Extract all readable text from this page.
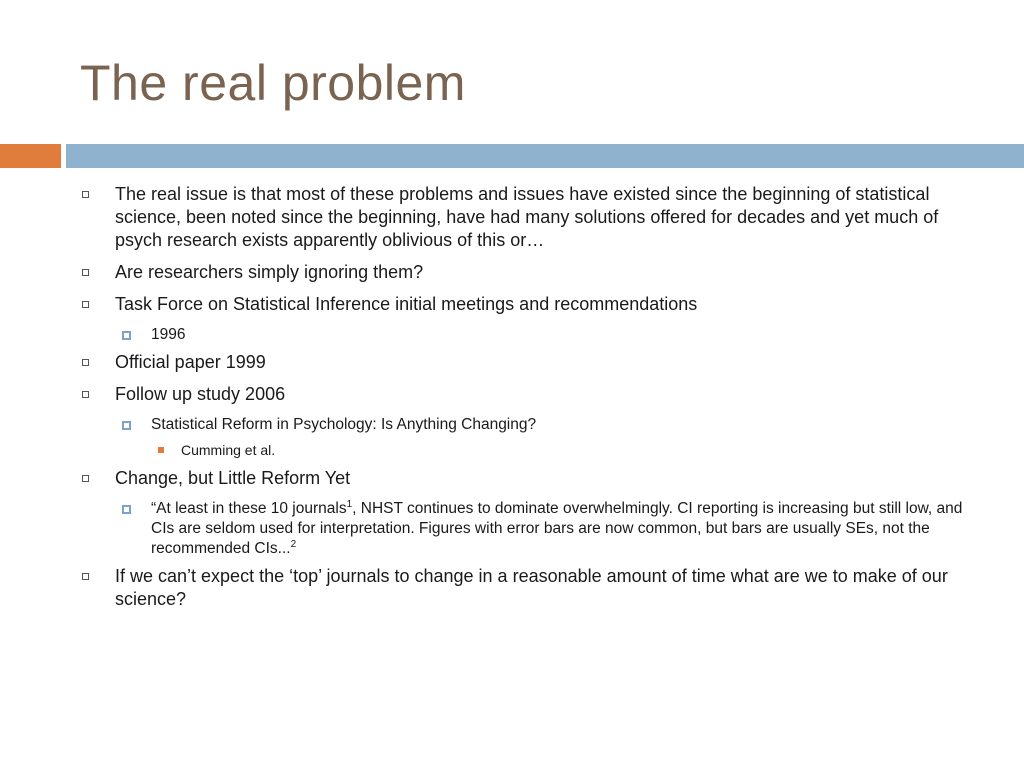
The real problem
The real issue is that most of these problems and issues have existed since the beginning of statistical science, been noted since the beginning, have had many solutions offered for decades and yet much of psych research exists apparently oblivious of this or…
Are researchers simply ignoring them?
Task Force on Statistical Inference initial meetings and recommendations
1996
Official paper 1999
Follow up study 2006
Statistical Reform in Psychology: Is Anything Changing?
Cumming et al.
Change, but Little Reform Yet
“At least in these 10 journals$^1$, NHST continues to dominate overwhelmingly. CI reporting is increasing but still low, and CIs are seldom used for interpretation. Figures with error bars are now common, but bars are usually SEs, not the recommended CIs...$^2$
If we can’t expect the ‘top’ journals to change in a reasonable amount of time what are we to make of our science?
